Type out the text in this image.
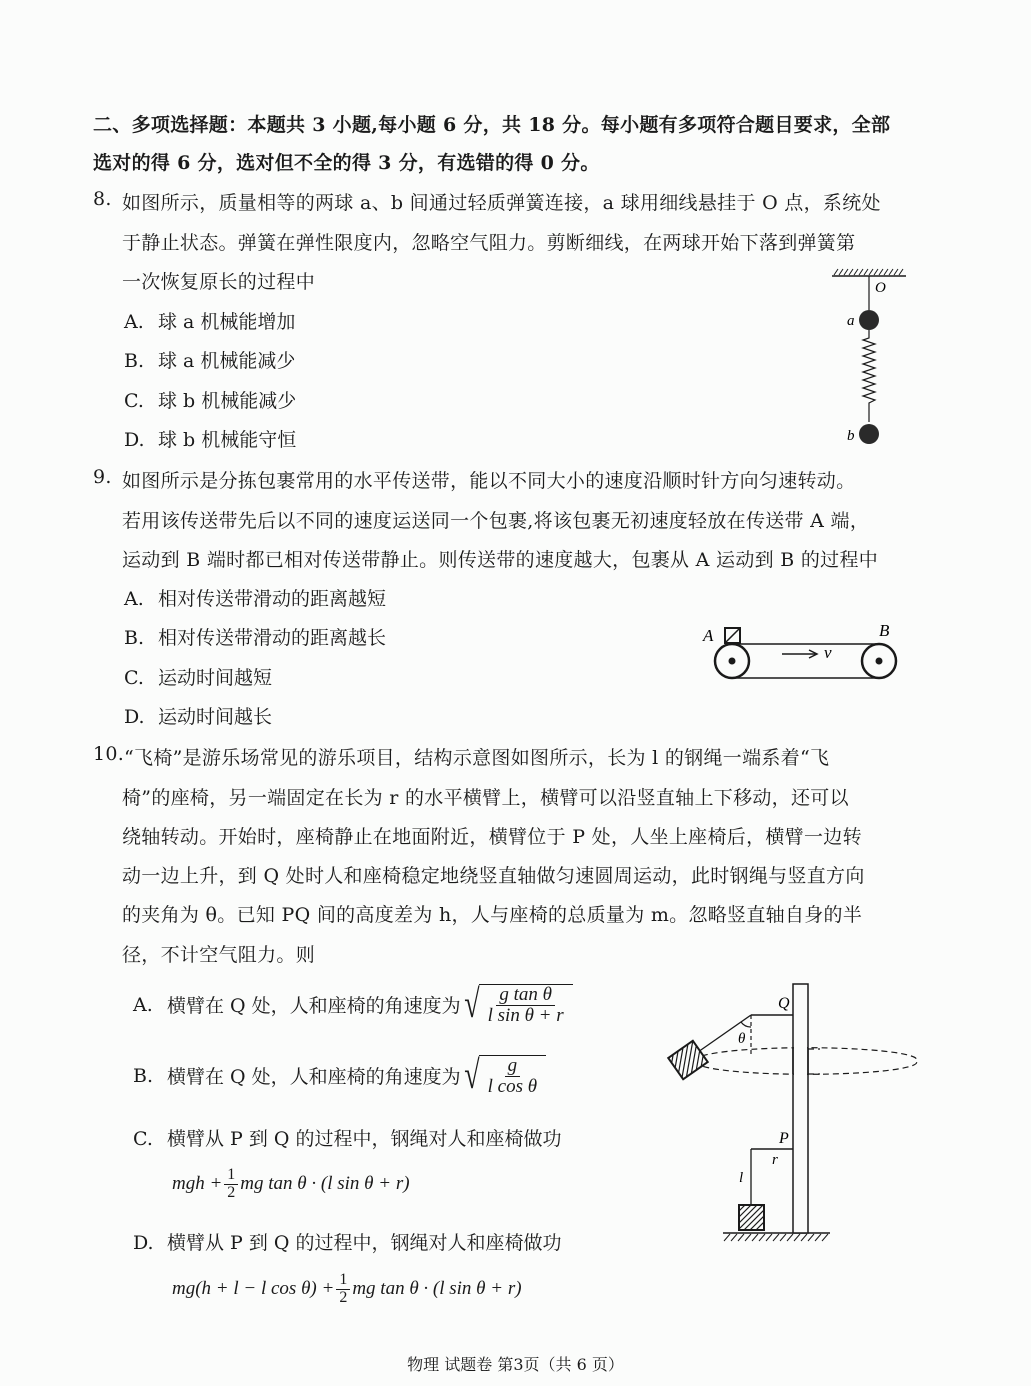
二、多项选择题：本题共 3 小题,每小题 6 分，共 18 分。每小题有多项符合题目要求，全部
选对的得 6 分，选对但不全的得 3 分，有选错的得 0 分。
8. 如图所示，质量相等的两球 a、b 间通过轻质弹簧连接，a 球用细线悬挂于 O 点，系统处
于静止状态。弹簧在弹性限度内，忽略空气阻力。剪断细线，在两球开始下落到弹簧第
一次恢复原长的过程中
A. 球 a 机械能增加
B. 球 a 机械能减少
C. 球 b 机械能减少
D. 球 b 机械能守恒
O
a
b
9. 如图所示是分拣包裹常用的水平传送带，能以不同大小的速度沿顺时针方向匀速转动。
若用该传送带先后以不同的速度运送同一个包裹,将该包裹无初速度轻放在传送带 A 端，
运动到 B 端时都已相对传送带静止。则传送带的速度越大，包裹从 A 运动到 B 的过程中
A. 相对传送带滑动的距离越短
B. 相对传送带滑动的距离越长
C. 运动时间越短
D. 运动时间越长
A	B
v
10. “飞椅”是游乐场常见的游乐项目，结构示意图如图所示，长为 l 的钢绳一端系着“飞
椅”的座椅，另一端固定在长为 r 的水平横臂上，横臂可以沿竖直轴上下移动，还可以
绕轴转动。开始时，座椅静止在地面附近，横臂位于 P 处，人坐上座椅后，横臂一边转
动一边上升，到 Q 处时人和座椅稳定地绕竖直轴做匀速圆周运动，此时钢绳与竖直方向
的夹角为 θ。已知 PQ 间的高度差为 h，人与座椅的总质量为 m。忽略竖直轴自身的半
径，不计空气阻力。则
A. 横臂在 Q 处，人和座椅的角速度为 √ $\frac{\text{g tan θ}}{\text{l sin θ + r}}$
B. 横臂在 Q 处，人和座椅的角速度为 √ $\frac{g}{\text{l cos θ}}$
C. 横臂从 P 到 Q 的过程中，钢绳对人和座椅做功
mgh + $\frac{1}{2}$ mg tan θ · (l sin θ + r)
D. 横臂从 P 到 Q 的过程中，钢绳对人和座椅做功
mg(h + l − l $\cos \theta) + \frac{1}{2}$ mg tan θ · (l sin θ + r)
Q
θ
P
r
l
物理 试题卷 第3页（共 6 页）
